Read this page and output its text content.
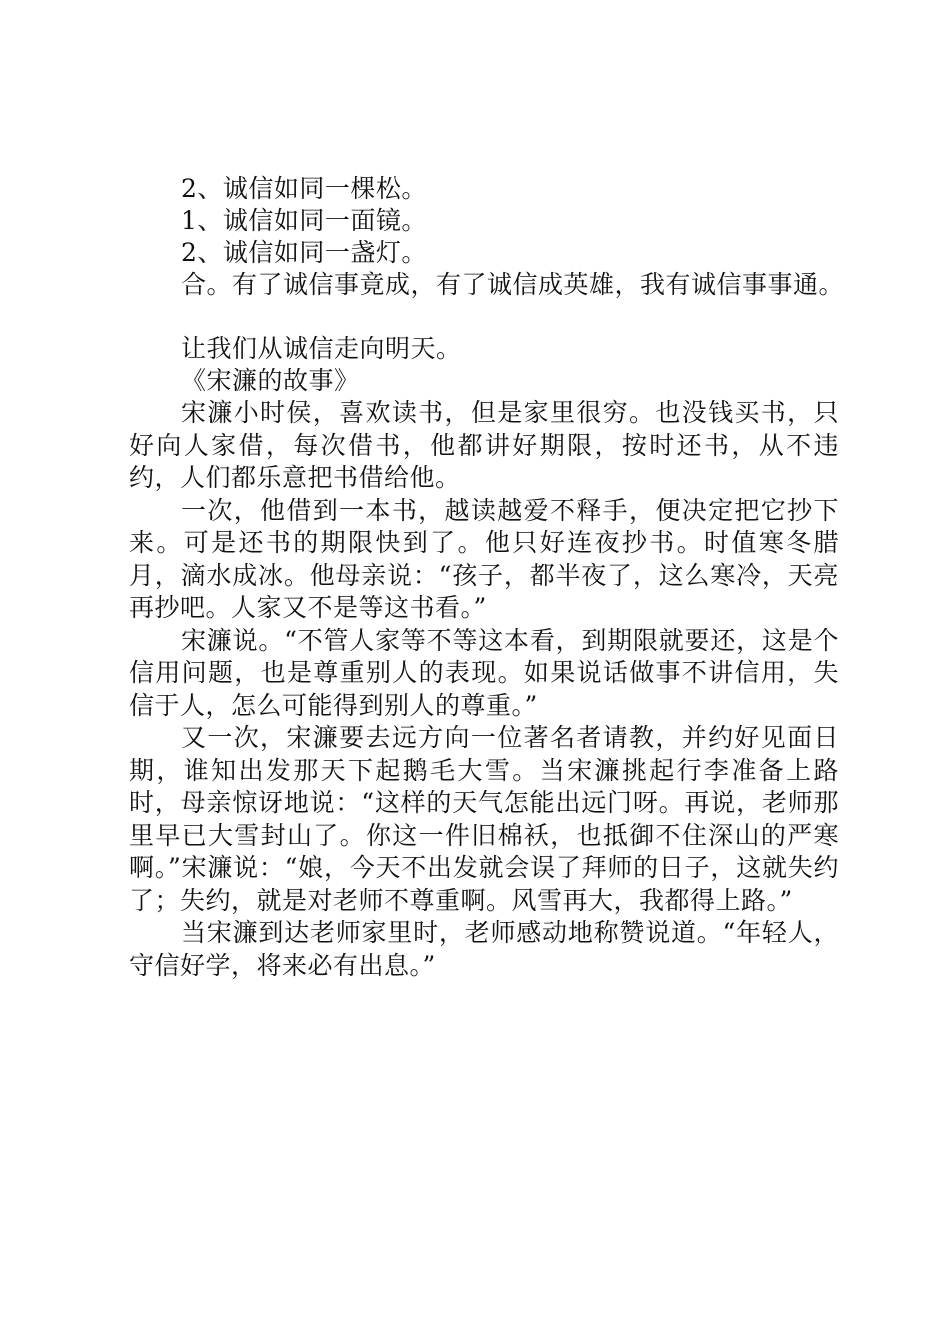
2、诚信如同一棵松。
1、诚信如同一面镜。
2、诚信如同一盏灯。
合。有了诚信事竟成，有了诚信成英雄，我有诚信事事通。
让我们从诚信走向明天。
《宋濂的故事》

宋濂小时侯，喜欢读书，但是家里很穷。也没钱买书，只好向人家借，每次借书，他都讲好期限，按时还书，从不违约，人们都乐意把书借给他。

一次，他借到一本书，越读越爱不释手，便决定把它抄下来。可是还书的期限快到了。他只好连夜抄书。时值寒冬腊月，滴水成冰。他母亲说：“孩子，都半夜了，这么寒冷，天亮再抄吧。人家又不是等这书看。”

宋濂说。“不管人家等不等这本看，到期限就要还，这是个信用问题，也是尊重别人的表现。如果说话做事不讲信用，失信于人，怎么可能得到别人的尊重。”

又一次，宋濂要去远方向一位著名者请教，并约好见面日期，谁知出发那天下起鹅毛大雪。当宋濂挑起行李准备上路时，母亲惊讶地说：“这样的天气怎能出远门呀。再说，老师那里早已大雪封山了。你这一件旧棉袄，也抵御不住深山的严寒啊。”宋濂说：“娘，今天不出发就会误了拜师的日子，这就失约了；失约，就是对老师不尊重啊。风雪再大，我都得上路。”

当宋濂到达老师家里时，老师感动地称赞说道。“年轻人，守信好学，将来必有出息。”
